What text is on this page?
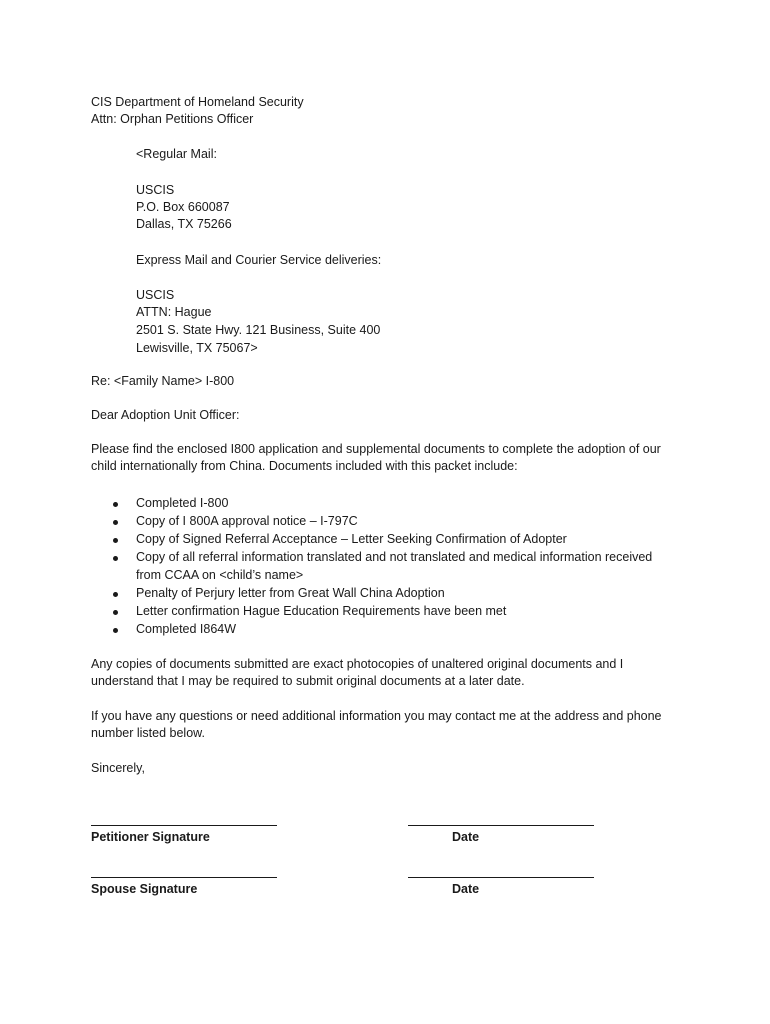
CIS Department of Homeland Security
Attn: Orphan Petitions Officer
<Regular Mail:
USCIS
P.O. Box 660087
Dallas, TX 75266
Express Mail and Courier Service deliveries:
USCIS
ATTN: Hague
2501 S. State Hwy. 121 Business, Suite 400
Lewisville, TX 75067>
Re: <Family Name> I-800
Dear Adoption Unit Officer:
Please find the enclosed I800 application and supplemental documents to complete the adoption of our
child internationally from China. Documents included with this packet include:
Completed I-800
Copy of I 800A approval notice – I-797C
Copy of Signed Referral Acceptance – Letter Seeking Confirmation of Adopter
Copy of all referral information translated and not translated and medical information received
from CCAA on <child’s name>
Penalty of Perjury letter from Great Wall China Adoption
Letter confirmation Hague Education Requirements have been met
Completed I864W
Any copies of documents submitted are exact photocopies of unaltered original documents and I
understand that I may be required to submit original documents at a later date.
If you have any questions or need additional information you may contact me at the address and phone
number listed below.
Sincerely,
Petitioner Signature	Date
Spouse Signature	Date
